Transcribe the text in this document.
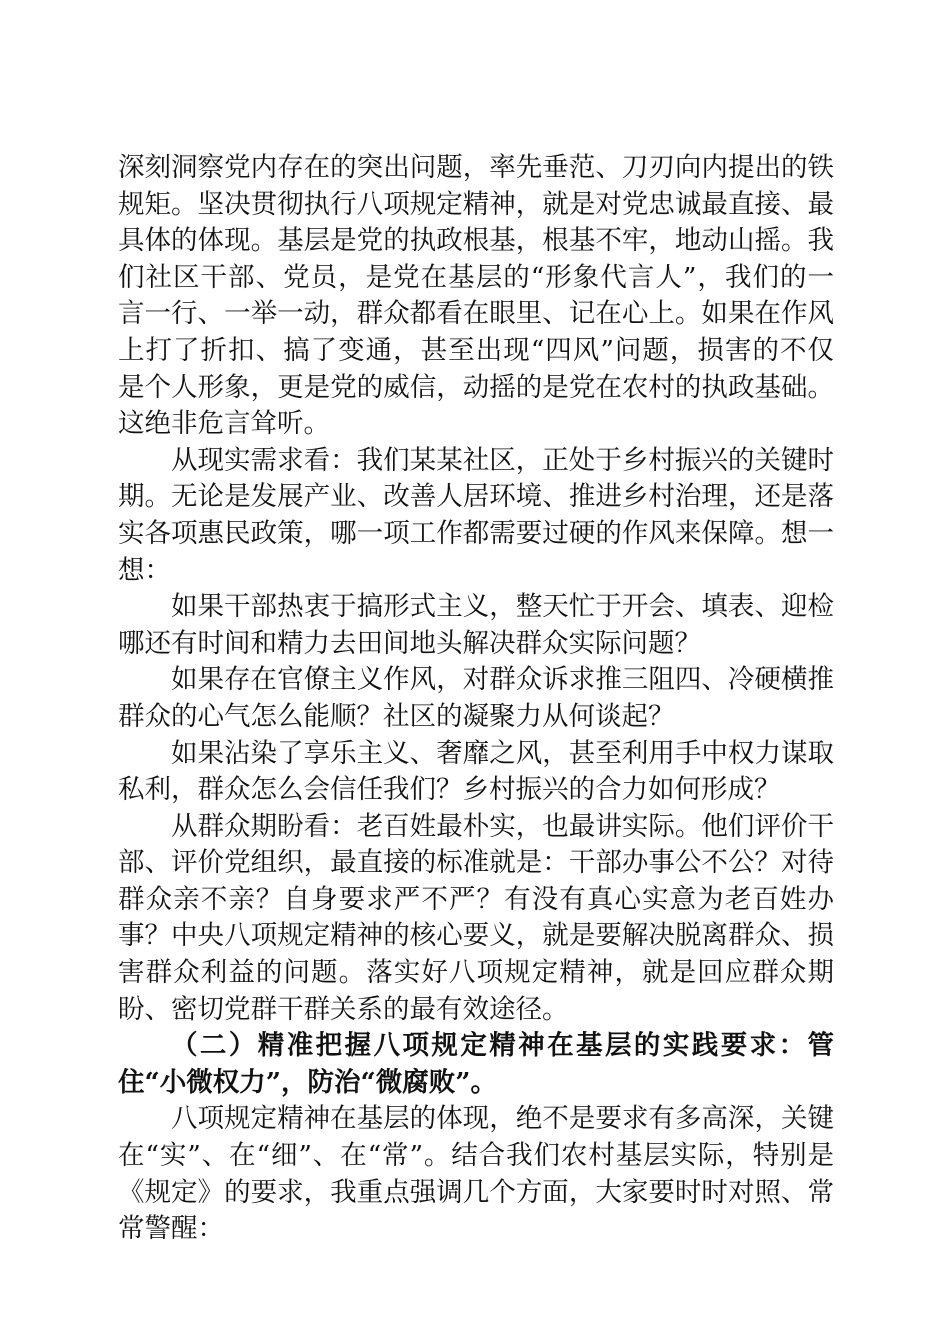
深刻洞察党内存在的突出问题，率先垂范、刀刃向内提出的铁规矩。坚决贯彻执行八项规定精神，就是对党忠诚最直接、最具体的体现。基层是党的执政根基，根基不牢，地动山摇。我们社区干部、党员，是党在基层的“形象代言人”，我们的一言一行、一举一动，群众都看在眼里、记在心上。如果在作风上打了折扣、搞了变通，甚至出现“四风”问题，损害的不仅是个人形象，更是党的威信，动摇的是党在农村的执政基础。这绝非危言耸听。

从现实需求看：我们某某社区，正处于乡村振兴的关键时期。无论是发展产业、改善人居环境、推进乡村治理，还是落实各项惠民政策，哪一项工作都需要过硬的作风来保障。想一想：

如果干部热衷于搞形式主义，整天忙于开会、填表、迎检哪还有时间和精力去田间地头解决群众实际问题？

如果存在官僚主义作风，对群众诉求推三阻四、冷硬横推群众的心气怎么能顺？社区的凝聚力从何谈起？

如果沾染了享乐主义、奢靡之风，甚至利用手中权力谋取私利，群众怎么会信任我们？乡村振兴的合力如何形成？

从群众期盼看：老百姓最朴实，也最讲实际。他们评价干部、评价党组织，最直接的标准就是：干部办事公不公？对待群众亲不亲？自身要求严不严？有没有真心实意为老百姓办事？中央八项规定精神的核心要义，就是要解决脱离群众、损害群众利益的问题。落实好八项规定精神，就是回应群众期盼、密切党群干群关系的最有效途径。

（二）精准把握八项规定精神在基层的实践要求：管住“小微权力”，防治“微腐败”。

八项规定精神在基层的体现，绝不是要求有多高深，关键在“实”、在“细”、在“常”。结合我们农村基层实际，特别是《规定》的要求，我重点强调几个方面，大家要时时对照、常常警醒：
